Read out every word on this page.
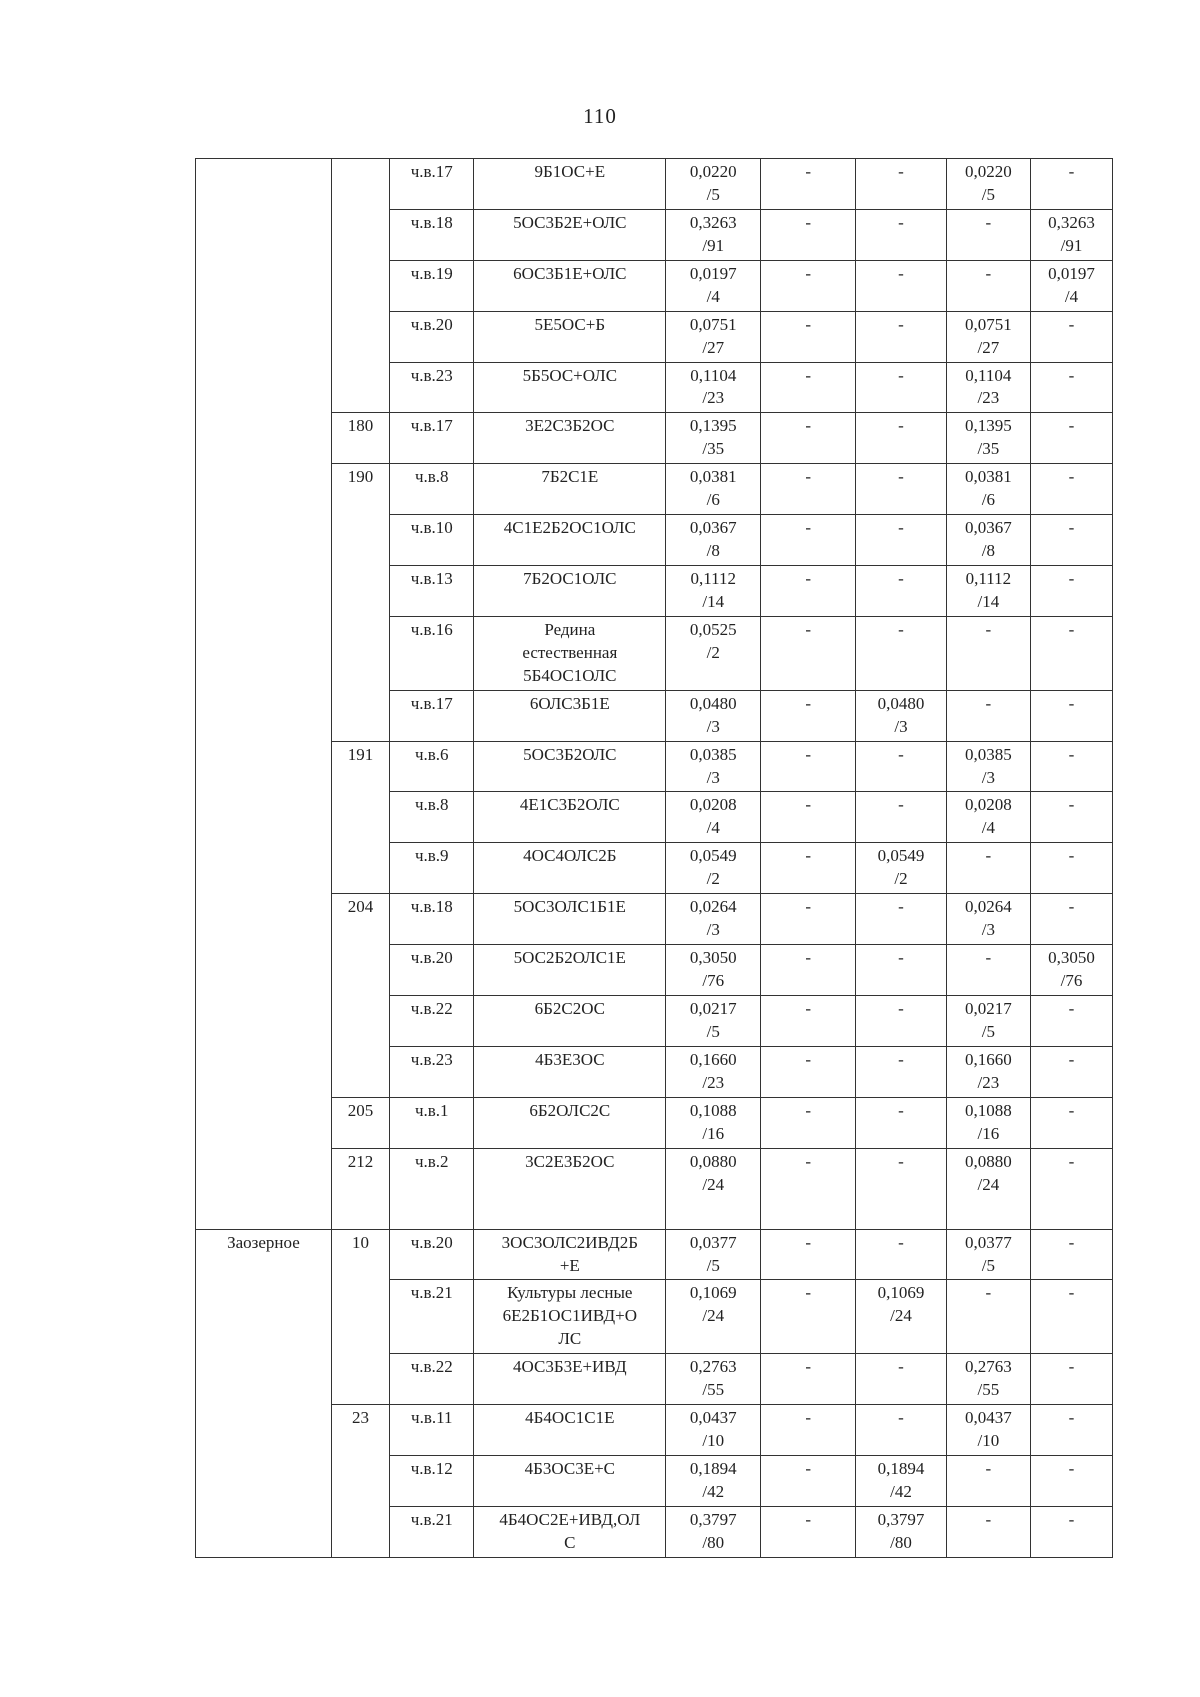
110
		ч.в.17	9Б1ОС+Е	0,0220
/5	-	-	0,0220
/5	-
		ч.в.18	5ОС3Б2Е+ОЛС	0,3263
/91	-	-	-	0,3263
/91
		ч.в.19	6ОС3Б1Е+ОЛС	0,0197
/4	-	-	-	0,0197
/4
		ч.в.20	5Е5ОС+Б	0,0751
/27	-	-	0,0751
/27	-
		ч.в.23	5Б5ОС+ОЛС	0,1104
/23	-	-	0,1104
/23	-
	180	ч.в.17	3Е2С3Б2ОС	0,1395
/35	-	-	0,1395
/35	-
	190	ч.в.8	7Б2С1Е	0,0381
/6	-	-	0,0381
/6	-
		ч.в.10	4С1Е2Б2ОС1ОЛС	0,0367
/8	-	-	0,0367
/8	-
		ч.в.13	7Б2ОС1ОЛС	0,1112
/14	-	-	0,1112
/14	-
		ч.в.16	Редина
естественная
5Б4ОС1ОЛС	0,0525
/2	-	-	-	-
		ч.в.17	6ОЛС3Б1Е	0,0480
/3	-	0,0480
/3	-	-
	191	ч.в.6	5ОС3Б2ОЛС	0,0385
/3	-	-	0,0385
/3	-
		ч.в.8	4Е1С3Б2ОЛС	0,0208
/4	-	-	0,0208
/4	-
		ч.в.9	4ОС4ОЛС2Б	0,0549
/2	-	0,0549
/2	-	-
	204	ч.в.18	5ОС3ОЛС1Б1Е	0,0264
/3	-	-	0,0264
/3	-
		ч.в.20	5ОС2Б2ОЛС1Е	0,3050
/76	-	-	-	0,3050
/76
		ч.в.22	6Б2С2ОС	0,0217
/5	-	-	0,0217
/5	-
		ч.в.23	4Б3Е3ОС	0,1660
/23	-	-	0,1660
/23	-
	205	ч.в.1	6Б2ОЛС2С	0,1088
/16	-	-	0,1088
/16	-
	212	ч.в.2	3С2Е3Б2ОС	0,0880
/24	-	-	0,0880
/24	-
Заозерное	10	ч.в.20	3ОС3ОЛС2ИВД2Б
+Е	0,0377
/5	-	-	0,0377
/5	-
		ч.в.21	Культуры лесные
6Е2Б1ОС1ИВД+О
ЛС	0,1069
/24	-	0,1069
/24	-	-
		ч.в.22	4ОС3Б3Е+ИВД	0,2763
/55	-	-	0,2763
/55	-
	23	ч.в.11	4Б4ОС1С1Е	0,0437
/10	-	-	0,0437
/10	-
		ч.в.12	4Б3ОС3Е+С	0,1894
/42	-	0,1894
/42	-	-
		ч.в.21	4Б4ОС2Е+ИВД,ОЛ
С	0,3797
/80	-	0,3797
/80	-	-
